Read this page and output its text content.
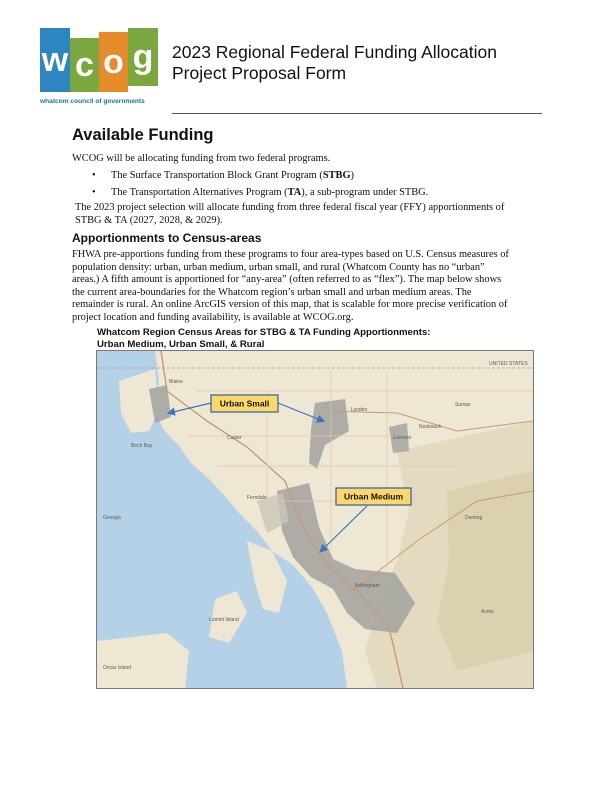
w c o g
whatcom council of governments
2023 Regional Federal Funding Allocation
Project Proposal Form
Available Funding
WCOG will be allocating funding from two federal programs.
• The Surface Transportation Block Grant Program (STBG)
• The Transportation Alternatives Program (TA), a sub-program under STBG.
The 2023 project selection will allocate funding from three federal fiscal year (FFY) apportionments of
STBG & TA (2027, 2028, & 2029).
Apportionments to Census-areas
FHWA pre-apportions funding from these programs to four area-types based on U.S. Census measures of
population density: urban, urban medium, urban small, and rural (Whatcom County has no “urban”
areas.) A fifth amount is apportioned for “any-area” (often referred to as “flex”). The map below shows
the current area-boundaries for the Whatcom region’s urban small and urban medium areas. The
remainder is rural. An online ArcGIS version of this map, that is scalable for more precise verification of
project location and funding availability, is available at WCOG.org.
Whatcom Region Census Areas for STBG & TA Funding Apportionments:
Urban Medium, Urban Small, & Rural
Blaine
Lynden
Everson
Nooksack
Sumas
Ferndale
Bellingham
Lummi Island
Birch Bay
Custer
Georgia
Orcas Island
UNITED STATES
Deming
Acme
Urban Small
Urban Medium
